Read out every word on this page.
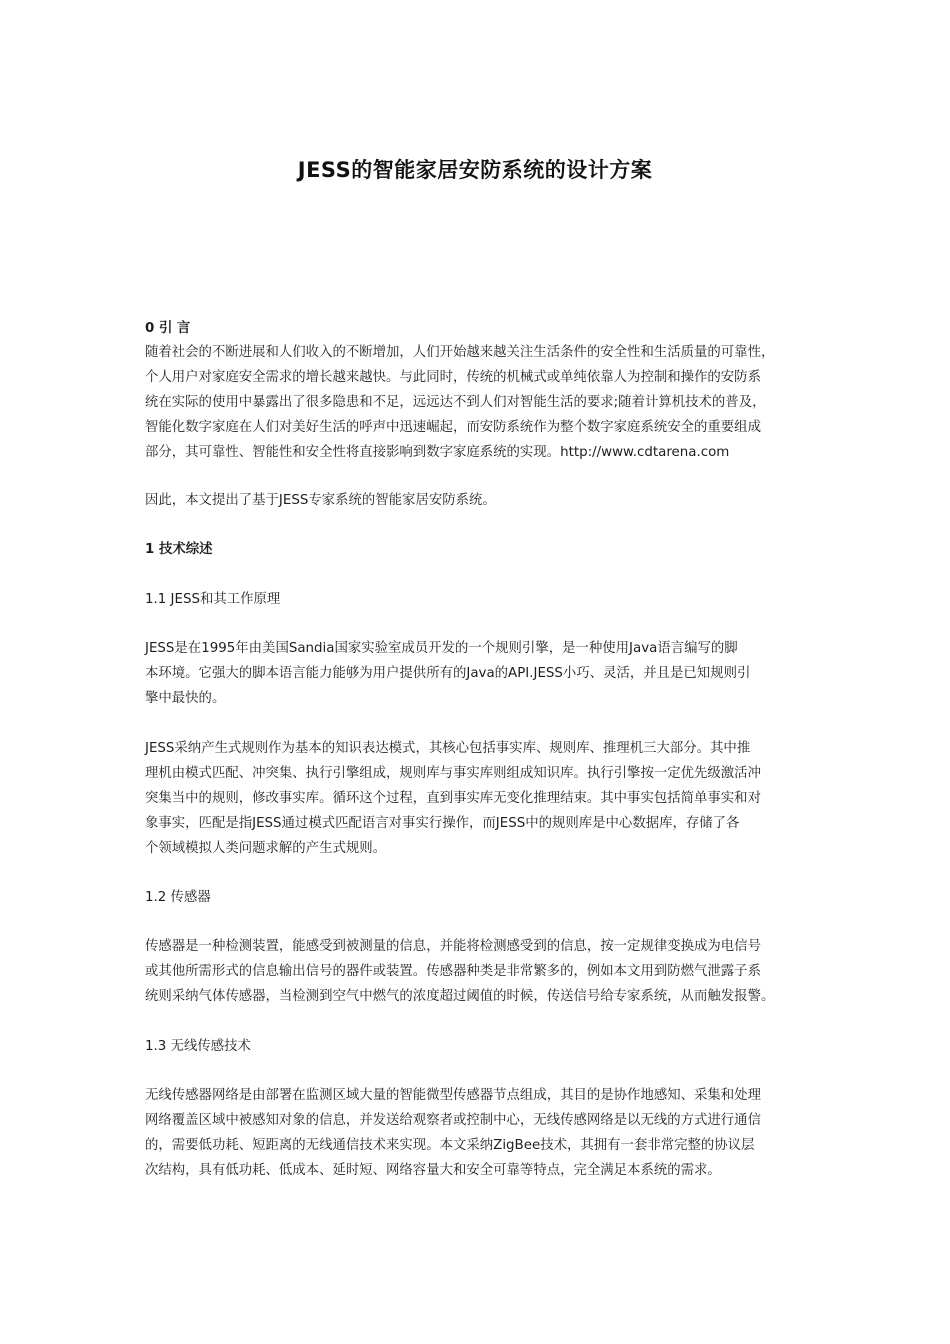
JESS的智能家居安防系统的设计方案
0 引 言
随着社会的不断进展和人们收入的不断增加，人们开始越来越关注生活条件的安全性和生活质量的可靠性，
个人用户对家庭安全需求的增长越来越快。与此同时，传统的机械式或单纯依靠人为控制和操作的安防系
统在实际的使用中暴露出了很多隐患和不足，远远达不到人们对智能生活的要求;随着计算机技术的普及，
智能化数字家庭在人们对美好生活的呼声中迅速崛起，而安防系统作为整个数字家庭系统安全的重要组成
部分，其可靠性、智能性和安全性将直接影响到数字家庭系统的实现。http://www.cdtarena.com
因此，本文提出了基于JESS专家系统的智能家居安防系统。
1 技术综述
1.1 JESS和其工作原理
JESS是在1995年由美国Sandia国家实验室成员开发的一个规则引擎，是一种使用Java语言编写的脚
本环境。它强大的脚本语言能力能够为用户提供所有的Java的API.JESS小巧、灵活，并且是已知规则引
擎中最快的。
JESS采纳产生式规则作为基本的知识表达模式，其核心包括事实库、规则库、推理机三大部分。其中推
理机由模式匹配、冲突集、执行引擎组成，规则库与事实库则组成知识库。执行引擎按一定优先级激活冲
突集当中的规则，修改事实库。循环这个过程，直到事实库无变化推理结束。其中事实包括简单事实和对
象事实，匹配是指JESS通过模式匹配语言对事实行操作，而JESS中的规则库是中心数据库，存储了各
个领域模拟人类问题求解的产生式规则。
1.2 传感器
传感器是一种检测装置，能感受到被测量的信息，并能将检测感受到的信息，按一定规律变换成为电信号
或其他所需形式的信息输出信号的器件或装置。传感器种类是非常繁多的，例如本文用到防燃气泄露子系
统则采纳气体传感器，当检测到空气中燃气的浓度超过阈值的时候，传送信号给专家系统，从而触发报警。
1.3 无线传感技术
无线传感器网络是由部署在监测区域大量的智能微型传感器节点组成，其目的是协作地感知、采集和处理
网络覆盖区域中被感知对象的信息，并发送给观察者或控制中心，无线传感网络是以无线的方式进行通信
的，需要低功耗、短距离的无线通信技术来实现。本文采纳ZigBee技术，其拥有一套非常完整的协议层
次结构，具有低功耗、低成本、延时短、网络容量大和安全可靠等特点，完全满足本系统的需求。
